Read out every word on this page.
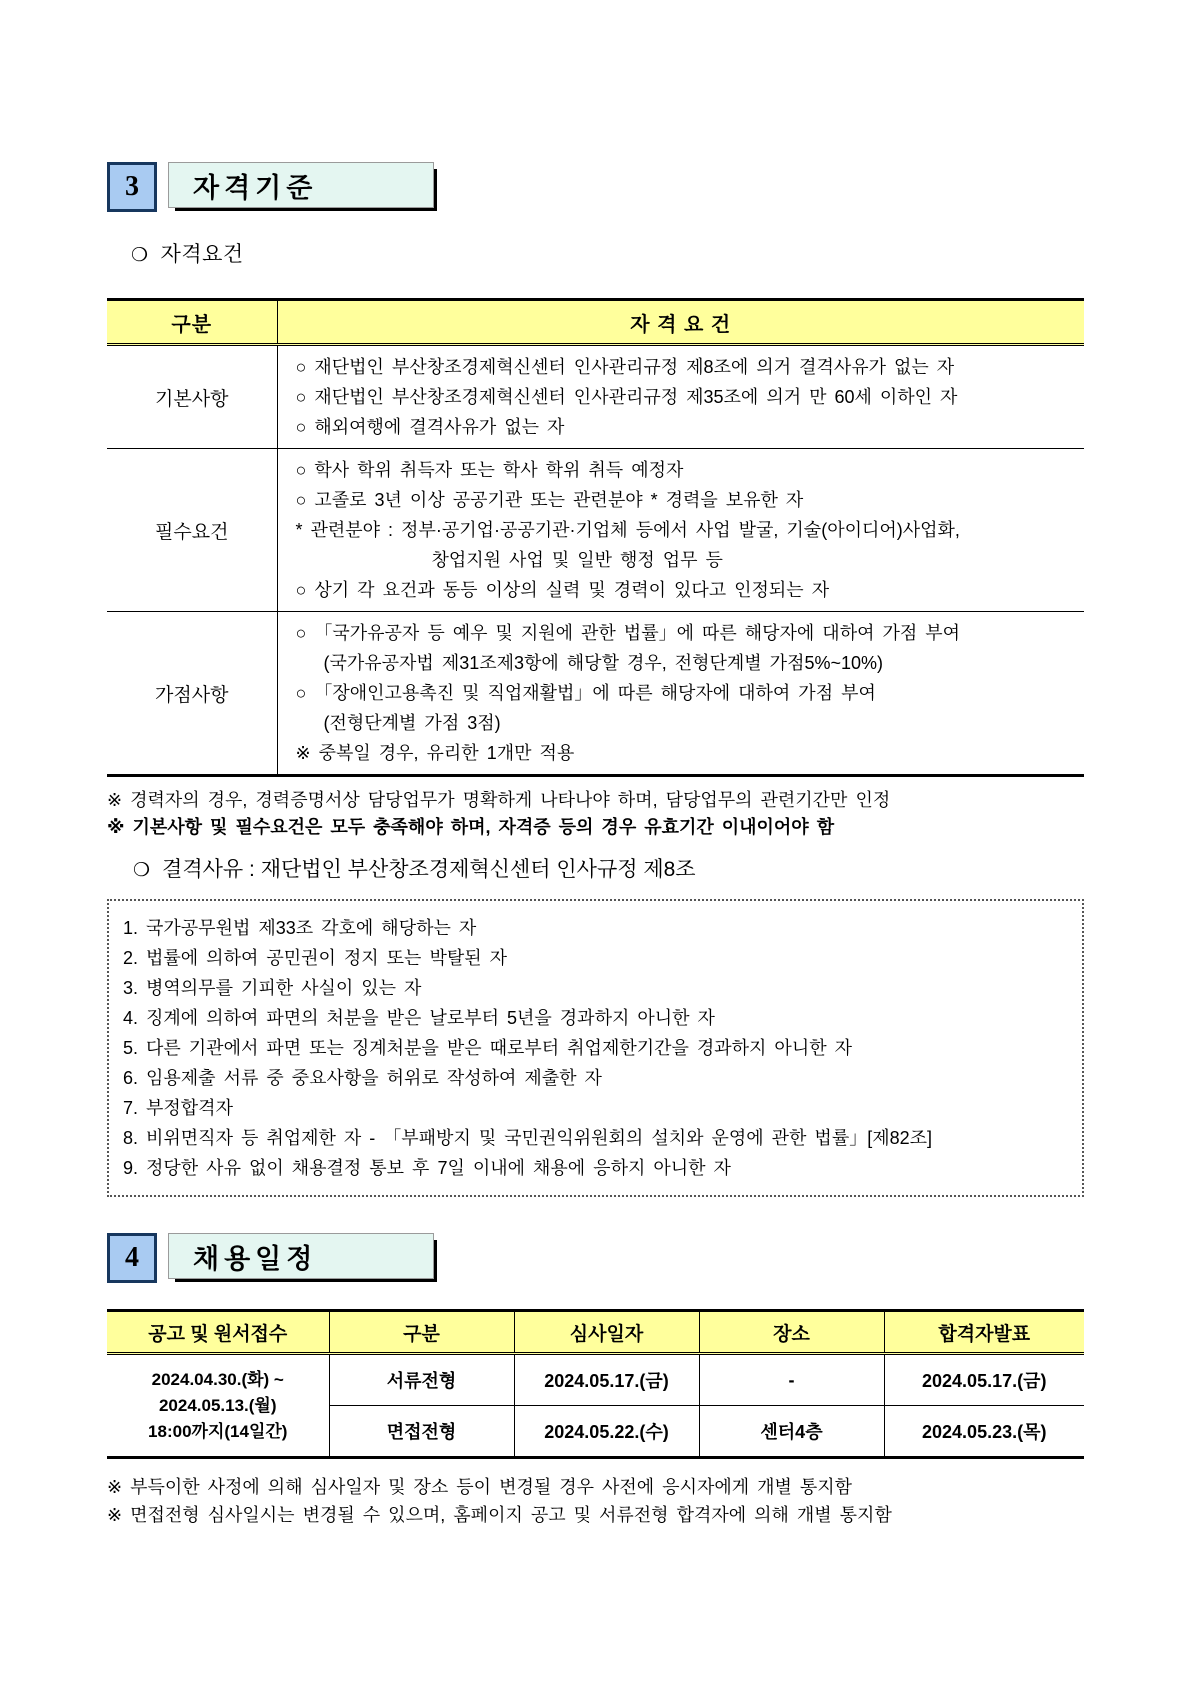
3	자격기준
❍ 자격요건
구분	자 격 요 건
기본사항	○ 재단법인 부산창조경제혁신센터 인사관리규정 제8조에 의거 결격사유가 없는 자
○ 재단법인 부산창조경제혁신센터 인사관리규정 제35조에 의거 만 60세 이하인 자
○ 해외여행에 결격사유가 없는 자

필수요건	○ 학사 학위 취득자 또는 학사 학위 취득 예정자
○ 고졸로 3년 이상 공공기관 또는 관련분야 * 경력을 보유한 자
* 관련분야 : 정부·공기업·공공기관·기업체 등에서 사업 발굴, 기술(아이디어)사업화,
창업지원 사업 및 일반 행정 업무 등
○ 상기 각 요건과 동등 이상의 실력 및 경력이 있다고 인정되는 자

가점사항	○ 「국가유공자 등 예우 및 지원에 관한 법률」에 따른 해당자에 대하여 가점 부여
(국가유공자법 제31조제3항에 해당할 경우, 전형단계별 가점5%~10%)
○ 「장애인고용촉진 및 직업재활법」에 따른 해당자에 대하여 가점 부여
(전형단계별 가점 3점)
※ 중복일 경우, 유리한 1개만 적용
※ 경력자의 경우, 경력증명서상 담당업무가 명확하게 나타나야 하며, 담당업무의 관련기간만 인정
※ 기본사항 및 필수요건은 모두 충족해야 하며, 자격증 등의 경우 유효기간 이내이어야 함
❍ 결격사유 : 재단법인 부산창조경제혁신센터 인사규정 제8조
1. 국가공무원법 제33조 각호에 해당하는 자
2. 법률에 의하여 공민권이 정지 또는 박탈된 자
3. 병역의무를 기피한 사실이 있는 자
4. 징계에 의하여 파면의 처분을 받은 날로부터 5년을 경과하지 아니한 자
5. 다른 기관에서 파면 또는 징계처분을 받은 때로부터 취업제한기간을 경과하지 아니한 자
6. 임용제출 서류 중 중요사항을 허위로 작성하여 제출한 자
7. 부정합격자
8. 비위면직자 등 취업제한 자 - 「부패방지 및 국민권익위원회의 설치와 운영에 관한 법률」[제82조]
9. 정당한 사유 없이 채용결정 통보 후 7일 이내에 채용에 응하지 아니한 자
4	채용일정
공고 및 원서접수	구분	심사일자	장소	합격자발표

2024.04.30.(화) ~
2024.05.13.(월)
18:00까지(14일간)	서류전형	2024.05.17.(금)	-	2024.05.17.(금)
	면접전형	2024.05.22.(수)	센터4층	2024.05.23.(목)
※ 부득이한 사정에 의해 심사일자 및 장소 등이 변경될 경우 사전에 응시자에게 개별 통지함
※ 면접전형 심사일시는 변경될 수 있으며, 홈페이지 공고 및 서류전형 합격자에 의해 개별 통지함
